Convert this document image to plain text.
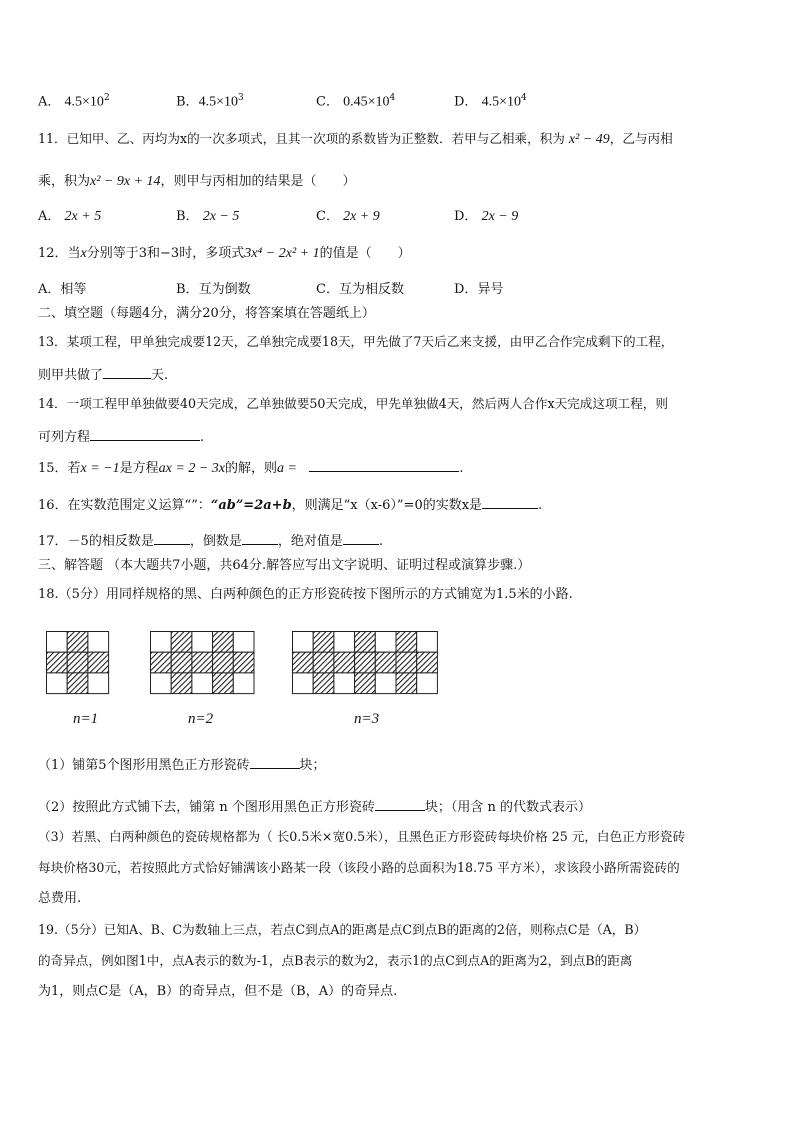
A． $4.5\times 10^2$	B．$4.5\times 10^3$	C． $0.45\times 10^4$	D． $4.5\times 10^4$
11．已知甲、乙、丙均为x的一次多项式，且其一次项的系数皆为正整数．若甲与乙相乘，积为 x² − 49，乙与丙相
乘，积为x² − 9x + 14，则甲与丙相加的结果是（　　）
A． 2x + 5	B． 2x − 5	C． 2x + 9	D． 2x − 9
12．当x分别等于3和−3时，多项式3x⁴ − 2x² + 1的值是（　　）
A．相等	B．互为倒数	C．互为相反数	D．异号
二、填空题（每题4分，满分20分，将答案填在答题纸上）
13．某项工程，甲单独完成要12天，乙单独完成要18天，甲先做了7天后乙来支援，由甲乙合作完成剩下的工程，
则甲共做了	天.
14．一项工程甲单独做要40天完成，乙单独做要50天完成，甲先单独做4天，然后两人合作x天完成这项工程，则
可列方程	.
15．若x = −1是方程ax = 2 − 3x的解，则a =	.
16．在实数范围定义运算“”：“ab”=2a+b，则满足“x（x-6）”=0的实数x是	.
17．－5的相反数是	，倒数是	，绝对值是	.
三、解答题 （本大题共7小题，共64分.解答应写出文字说明、证明过程或演算步骤.）
18.（5分）用同样规格的黑、白两种颜色的正方形瓷砖按下图所示的方式铺宽为1.5米的小路.
n=1	n=2	n=3
（1）铺第5个图形用黑色正方形瓷砖	块；
（2）按照此方式铺下去，铺第 n 个图形用黑色正方形瓷砖	块；（用含 n 的代数式表示）
（3）若黑、白两种颜色的瓷砖规格都为（ 长0.5米×宽0.5米），且黑色正方形瓷砖每块价格 25 元，白色正方形瓷砖
每块价格30元，若按照此方式恰好铺满该小路某一段（该段小路的总面积为18.75 平方米），求该段小路所需瓷砖的
总费用.
19.（5分）已知A、B、C为数轴上三点，若点C到点A的距离是点C到点B的距离的2倍，则称点C是（A，B）
的奇异点，例如图1中，点A表示的数为-1，点B表示的数为2，表示1的点C到点A的距离为2，到点B的距离
为1，则点C是（A，B）的奇异点，但不是（B，A）的奇异点.
